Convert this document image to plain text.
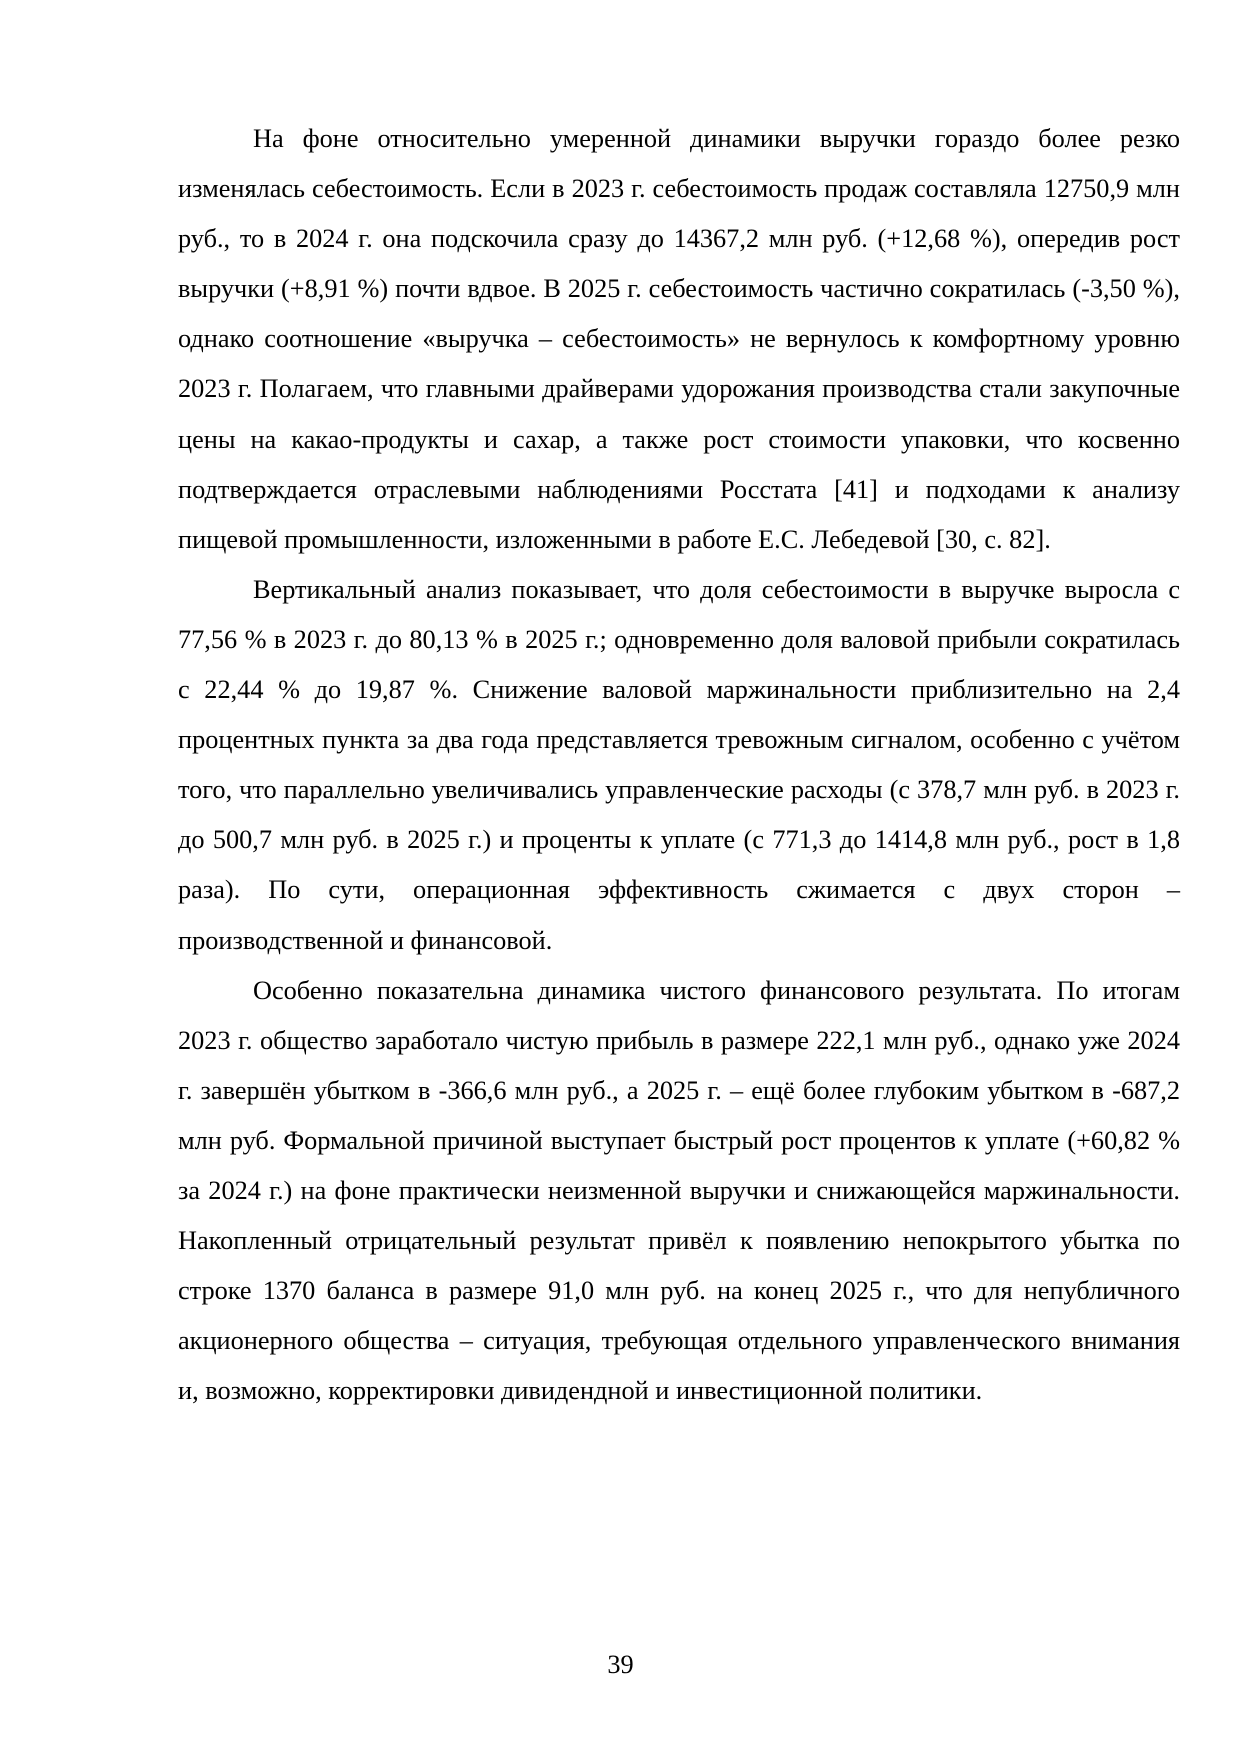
На фоне относительно умеренной динамики выручки гораздо более резко изменялась себестоимость. Если в 2023 г. себестоимость продаж составляла 12750,9 млн руб., то в 2024 г. она подскочила сразу до 14367,2 млн руб. (+12,68 %), опередив рост выручки (+8,91 %) почти вдвое. В 2025 г. себестоимость частично сократилась (-3,50 %), однако соотношение «выручка – себестоимость» не вернулось к комфортному уровню 2023 г. Полагаем, что главными драйверами удорожания производства стали закупочные цены на какао-продукты и сахар, а также рост стоимости упаковки, что косвенно подтверждается отраслевыми наблюдениями Росстата [41] и подходами к анализу пищевой промышленности, изложенными в работе Е.С. Лебедевой [30, с. 82].

Вертикальный анализ показывает, что доля себестоимости в выручке выросла с 77,56 % в 2023 г. до 80,13 % в 2025 г.; одновременно доля валовой прибыли сократилась с 22,44 % до 19,87 %. Снижение валовой маржинальности приблизительно на 2,4 процентных пункта за два года представляется тревожным сигналом, особенно с учётом того, что параллельно увеличивались управленческие расходы (с 378,7 млн руб. в 2023 г. до 500,7 млн руб. в 2025 г.) и проценты к уплате (с 771,3 до 1414,8 млн руб., рост в 1,8 раза). По сути, операционная эффективность сжимается с двух сторон – производственной и финансовой.

Особенно показательна динамика чистого финансового результата. По итогам 2023 г. общество заработало чистую прибыль в размере 222,1 млн руб., однако уже 2024 г. завершён убытком в -366,6 млн руб., а 2025 г. – ещё более глубоким убытком в -687,2 млн руб. Формальной причиной выступает быстрый рост процентов к уплате (+60,82 % за 2024 г.) на фоне практически неизменной выручки и снижающейся маржинальности. Накопленный отрицательный результат привёл к появлению непокрытого убытка по строке 1370 баланса в размере 91,0 млн руб. на конец 2025 г., что для непубличного акционерного общества – ситуация, требующая отдельного управленческого внимания и, возможно, корректировки дивидендной и инвестиционной политики.

39
